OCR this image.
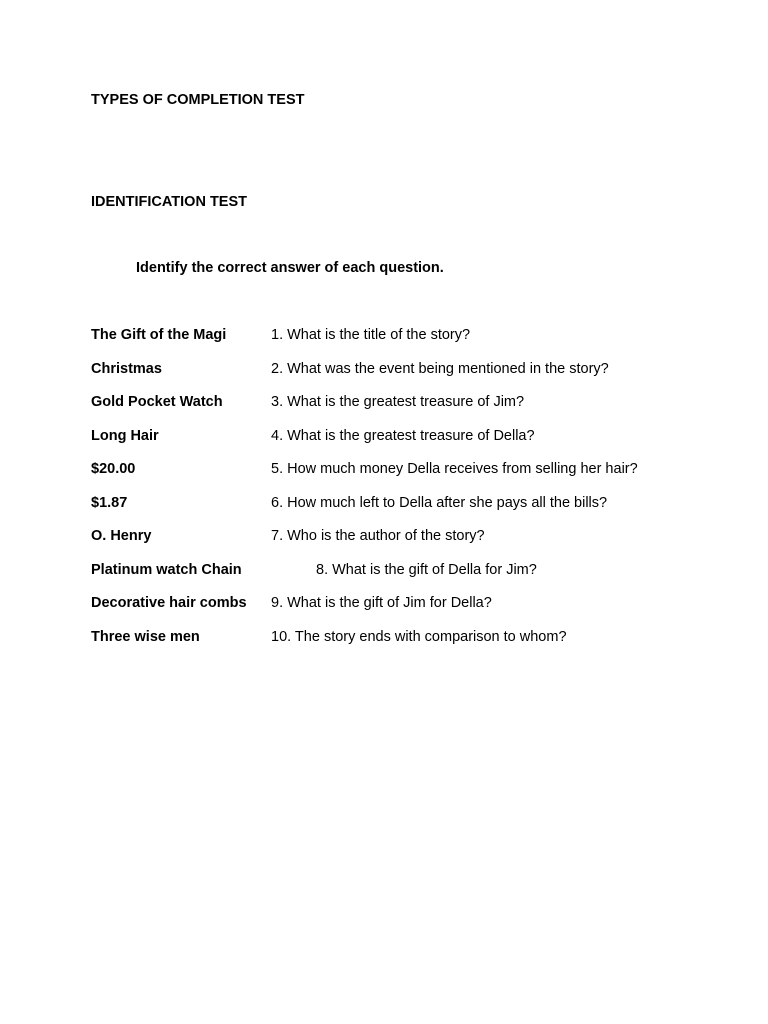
TYPES OF COMPLETION TEST
IDENTIFICATION TEST
Identify the correct answer of each question.
The Gift of the Magi	1. What is the title of the story?
Christmas	2. What was the event being mentioned in the story?
Gold Pocket Watch	3. What is the greatest treasure of Jim?
Long Hair	4. What is the greatest treasure of Della?
$20.00	5. How much money Della receives from selling her hair?
$1.87	6. How much left to Della after she pays all the bills?
O. Henry	7. Who is the author of the story?
Platinum watch Chain	8. What is the gift of Della for Jim?
Decorative hair combs 9. What is the gift of Jim for Della?
Three wise men	10. The story ends with comparison to whom?
